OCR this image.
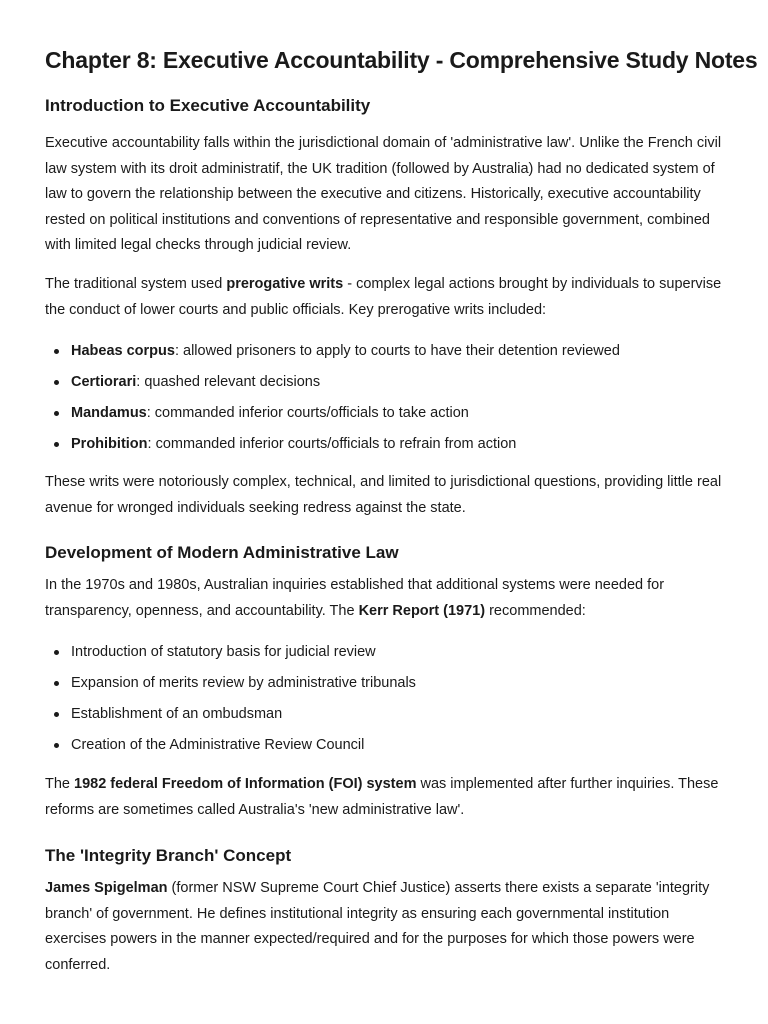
Chapter 8: Executive Accountability - Comprehensive Study Notes
Introduction to Executive Accountability

Executive accountability falls within the jurisdictional domain of 'administrative law'. Unlike the French civil law system with its droit administratif, the UK tradition (followed by Australia) had no dedicated system of law to govern the relationship between the executive and citizens. Historically, executive accountability rested on political institutions and conventions of representative and responsible government, combined with limited legal checks through judicial review.

The traditional system used prerogative writs - complex legal actions brought by individuals to supervise the conduct of lower courts and public officials. Key prerogative writs included:

Habeas corpus: allowed prisoners to apply to courts to have their detention reviewed
Certiorari: quashed relevant decisions
Mandamus: commanded inferior courts/officials to take action
Prohibition: commanded inferior courts/officials to refrain from action

These writs were notoriously complex, technical, and limited to jurisdictional questions, providing little real avenue for wronged individuals seeking redress against the state.

Development of Modern Administrative Law

In the 1970s and 1980s, Australian inquiries established that additional systems were needed for transparency, openness, and accountability. The Kerr Report (1971) recommended:

Introduction of statutory basis for judicial review
Expansion of merits review by administrative tribunals
Establishment of an ombudsman
Creation of the Administrative Review Council

The 1982 federal Freedom of Information (FOI) system was implemented after further inquiries. These reforms are sometimes called Australia's 'new administrative law'.

The 'Integrity Branch' Concept

James Spigelman (former NSW Supreme Court Chief Justice) asserts there exists a separate 'integrity branch' of government. He defines institutional integrity as ensuring each governmental institution exercises powers in the manner expected/required and for the purposes for which those powers were conferred.
